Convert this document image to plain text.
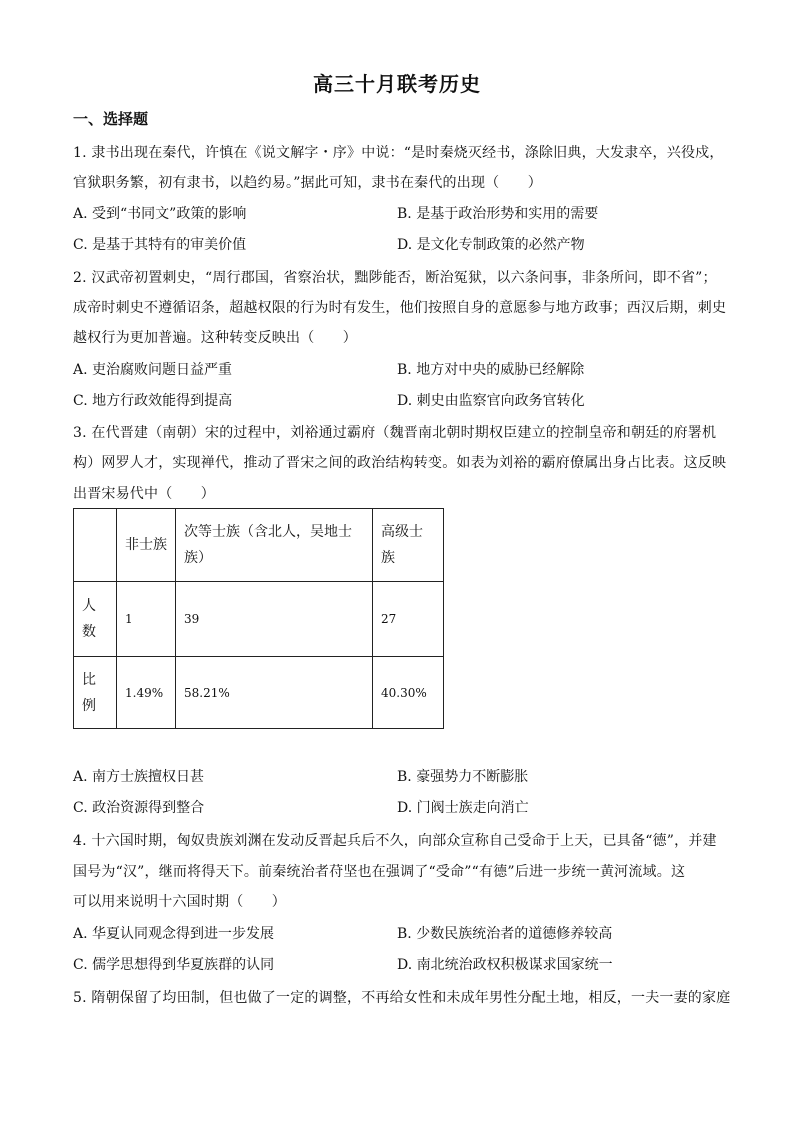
高三十月联考历史
一、选择题
1. 隶书出现在秦代，许慎在《说文解字・序》中说：“是时秦烧灭经书，涤除旧典，大发隶卒，兴役戍，
官狱职务繁，初有隶书，以趋约易。”据此可知，隶书在秦代的出现（　　）
A. 受到“书同文”政策的影响	B. 是基于政治形势和实用的需要
C. 是基于其特有的审美价值	D. 是文化专制政策的必然产物
2. 汉武帝初置刺史，“周行郡国，省察治状，黜陟能否，断治冤狱，以六条问事，非条所问，即不省”；
成帝时刺史不遵循诏条，超越权限的行为时有发生，他们按照自身的意愿参与地方政事；西汉后期，刺史
越权行为更加普遍。这种转变反映出（　　）
A. 吏治腐败问题日益严重	B. 地方对中央的威胁已经解除
C. 地方行政效能得到提高	D. 刺史由监察官向政务官转化
3. 在代晋建（南朝）宋的过程中，刘裕通过霸府（魏晋南北朝时期权臣建立的控制皇帝和朝廷的府署机
构）网罗人才，实现禅代，推动了晋宋之间的政治结构转变。如表为刘裕的霸府僚属出身占比表。这反映
出晋宋易代中（　　）
	非士族	次等士族（含北人，吴地士族）	高级士族
人数	1	39	27
比例	1.49%	58.21%	40.30%
A. 南方士族擅权日甚	B. 豪强势力不断膨胀
C. 政治资源得到整合	D. 门阀士族走向消亡
4. 十六国时期，匈奴贵族刘渊在发动反晋起兵后不久，向部众宣称自己受命于上天，已具备“德”，并建
国号为“汉”，继而将得天下。前秦统治者苻坚也在强调了“受命”“有德”后进一步统一黄河流域。这
可以用来说明十六国时期（　　）
A. 华夏认同观念得到进一步发展	B. 少数民族统治者的道德修养较高
C. 儒学思想得到华夏族群的认同	D. 南北统治政权积极谋求国家统一
5. 隋朝保留了均田制，但也做了一定的调整，不再给女性和未成年男性分配土地，相反，一夫一妻的家庭
